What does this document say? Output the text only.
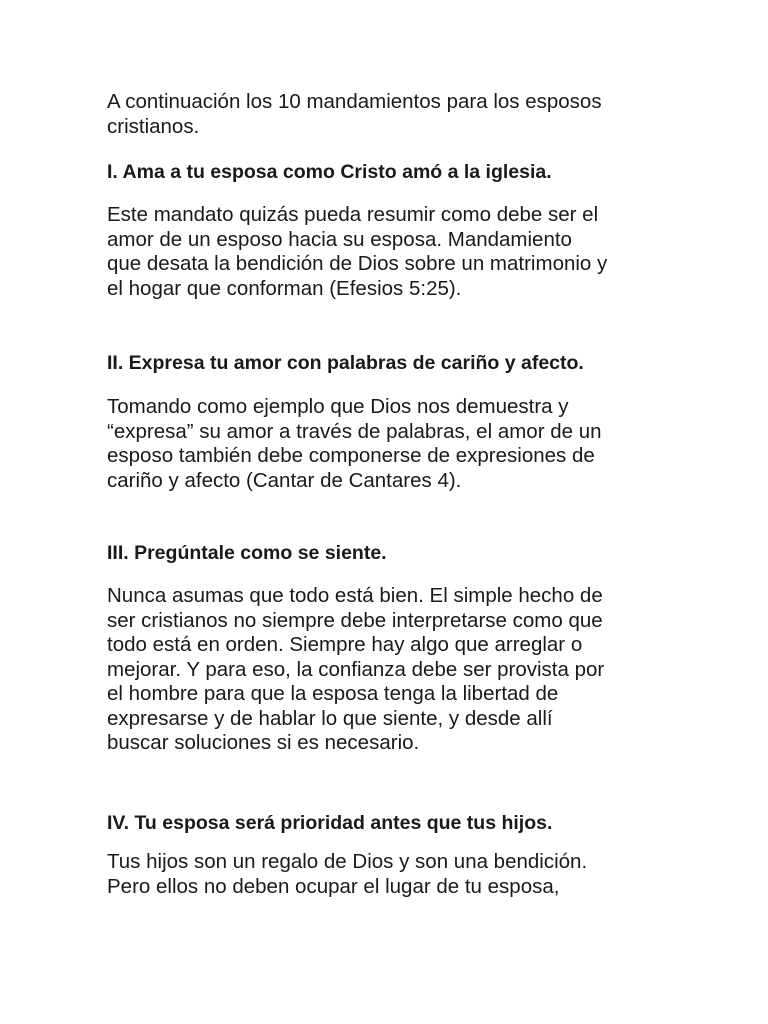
A continuación los 10 mandamientos para los esposos

cristianos.

I. Ama a tu esposa como Cristo amó a la iglesia.

Este mandato quizás pueda resumir como debe ser el

amor de un esposo hacia su esposa. Mandamiento

que desata la bendición de Dios sobre un matrimonio y

el hogar que conforman (Efesios 5:25).

II. Expresa tu amor con palabras de cariño y afecto.

Tomando como ejemplo que Dios nos demuestra y

“expresa” su amor a través de palabras, el amor de un

esposo también debe componerse de expresiones de

cariño y afecto (Cantar de Cantares 4).

III. Pregúntale como se siente.

Nunca asumas que todo está bien. El simple hecho de

ser cristianos no siempre debe interpretarse como que

todo está en orden. Siempre hay algo que arreglar o

mejorar. Y para eso, la confianza debe ser provista por

el hombre para que la esposa tenga la libertad de

expresarse y de hablar lo que siente, y desde allí

buscar soluciones si es necesario.

IV. Tu esposa será prioridad antes que tus hijos.

Tus hijos son un regalo de Dios y son una bendición.

Pero ellos no deben ocupar el lugar de tu esposa,
